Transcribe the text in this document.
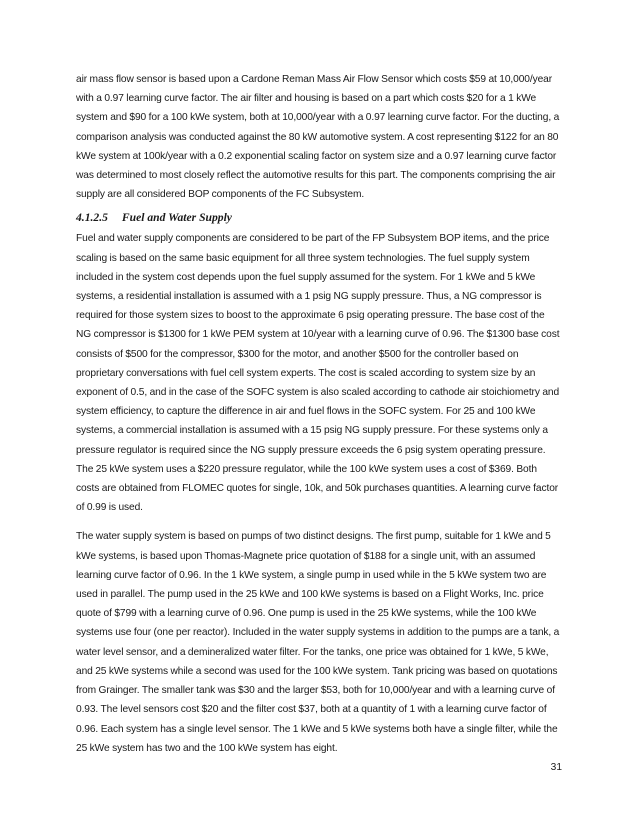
air mass flow sensor is based upon a Cardone Reman Mass Air Flow Sensor which costs $59 at 10,000/year with a 0.97 learning curve factor. The air filter and housing is based on a part which costs $20 for a 1 kWe system and $90 for a 100 kWe system, both at 10,000/year with a 0.97 learning curve factor. For the ducting, a comparison analysis was conducted against the 80 kW automotive system. A cost representing $122 for an 80 kWe system at 100k/year with a 0.2 exponential scaling factor on system size and a 0.97 learning curve factor was determined to most closely reflect the automotive results for this part. The components comprising the air supply are all considered BOP components of the FC Subsystem.

4.1.2.5 Fuel and Water Supply

Fuel and water supply components are considered to be part of the FP Subsystem BOP items, and the price scaling is based on the same basic equipment for all three system technologies. The fuel supply system included in the system cost depends upon the fuel supply assumed for the system. For 1 kWe and 5 kWe systems, a residential installation is assumed with a 1 psig NG supply pressure. Thus, a NG compressor is required for those system sizes to boost to the approximate 6 psig operating pressure. The base cost of the NG compressor is $1300 for 1 kWe PEM system at 10/year with a learning curve of 0.96. The $1300 base cost consists of $500 for the compressor, $300 for the motor, and another $500 for the controller based on proprietary conversations with fuel cell system experts. The cost is scaled according to system size by an exponent of 0.5, and in the case of the SOFC system is also scaled according to cathode air stoichiometry and system efficiency, to capture the difference in air and fuel flows in the SOFC system. For 25 and 100 kWe systems, a commercial installation is assumed with a 15 psig NG supply pressure. For these systems only a pressure regulator is required since the NG supply pressure exceeds the 6 psig system operating pressure. The 25 kWe system uses a $220 pressure regulator, while the 100 kWe system uses a cost of $369. Both costs are obtained from FLOMEC quotes for single, 10k, and 50k purchases quantities. A learning curve factor of 0.99 is used.

The water supply system is based on pumps of two distinct designs. The first pump, suitable for 1 kWe and 5 kWe systems, is based upon Thomas-Magnete price quotation of $188 for a single unit, with an assumed learning curve factor of 0.96. In the 1 kWe system, a single pump in used while in the 5 kWe system two are used in parallel. The pump used in the 25 kWe and 100 kWe systems is based on a Flight Works, Inc. price quote of $799 with a learning curve of 0.96. One pump is used in the 25 kWe systems, while the 100 kWe systems use four (one per reactor). Included in the water supply systems in addition to the pumps are a tank, a water level sensor, and a demineralized water filter. For the tanks, one price was obtained for 1 kWe, 5 kWe, and 25 kWe systems while a second was used for the 100 kWe system. Tank pricing was based on quotations from Grainger. The smaller tank was $30 and the larger $53, both for 10,000/year and with a learning curve of 0.93. The level sensors cost $20 and the filter cost $37, both at a quantity of 1 with a learning curve factor of 0.96. Each system has a single level sensor. The 1 kWe and 5 kWe systems both have a single filter, while the 25 kWe system has two and the 100 kWe system has eight.

31
